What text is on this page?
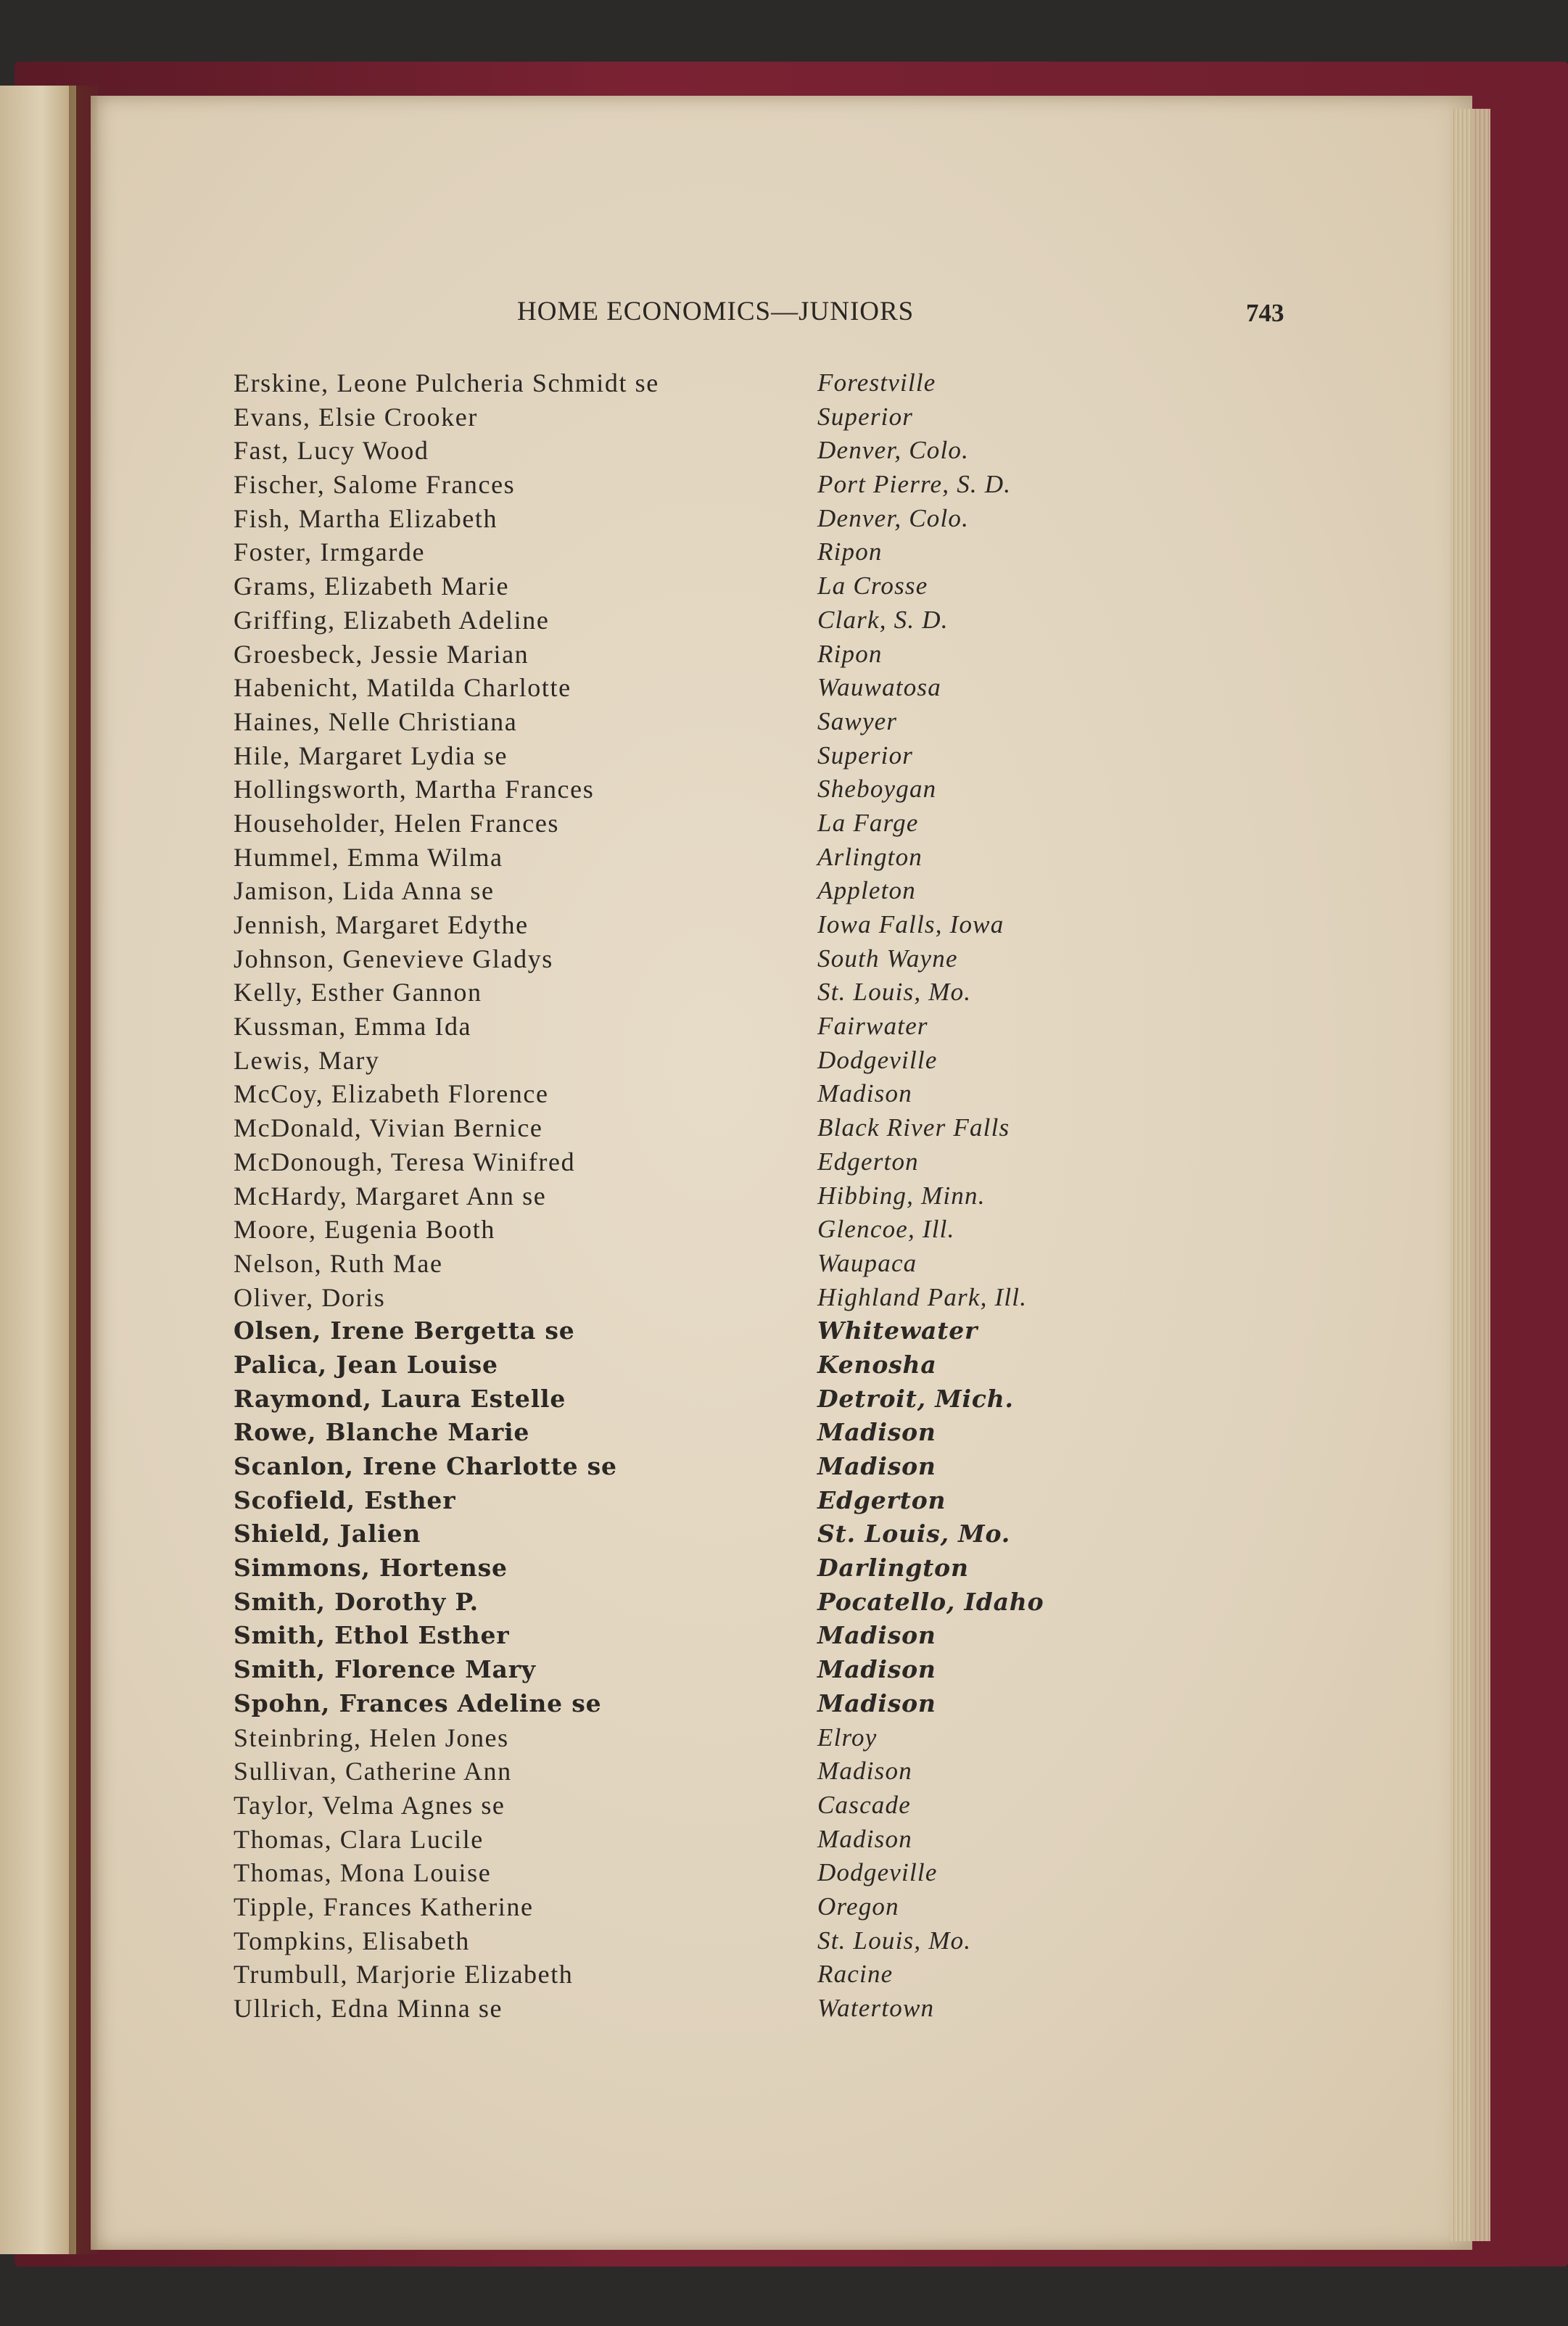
HOME ECONOMICS—JUNIORS	743
Erskine, Leone Pulcheria Schmidt se	Forestville
Evans, Elsie Crooker	Superior
Fast, Lucy Wood	Denver, Colo.
Fischer, Salome Frances	Port Pierre, S. D.
Fish, Martha Elizabeth	Denver, Colo.
Foster, Irmgarde	Ripon
Grams, Elizabeth Marie	La Crosse
Griffing, Elizabeth Adeline	Clark, S. D.
Groesbeck, Jessie Marian	Ripon
Habenicht, Matilda Charlotte	Wauwatosa
Haines, Nelle Christiana	Sawyer
Hile, Margaret Lydia se	Superior
Hollingsworth, Martha Frances	Sheboygan
Householder, Helen Frances	La Farge
Hummel, Emma Wilma	Arlington
Jamison, Lida Anna se	Appleton
Jennish, Margaret Edythe	Iowa Falls, Iowa
Johnson, Genevieve Gladys	South Wayne
Kelly, Esther Gannon	St. Louis, Mo.
Kussman, Emma Ida	Fairwater
Lewis, Mary	Dodgeville
McCoy, Elizabeth Florence	Madison
McDonald, Vivian Bernice	Black River Falls
McDonough, Teresa Winifred	Edgerton
McHardy, Margaret Ann se	Hibbing, Minn.
Moore, Eugenia Booth	Glencoe, Ill.
Nelson, Ruth Mae	Waupaca
Oliver, Doris	Highland Park, Ill.
Olsen, Irene Bergetta se	Whitewater
Palica, Jean Louise	Kenosha
Raymond, Laura Estelle	Detroit, Mich.
Rowe, Blanche Marie	Madison
Scanlon, Irene Charlotte se	Madison
Scofield, Esther	Edgerton
Shield, Jalien	St. Louis, Mo.
Simmons, Hortense	Darlington
Smith, Dorothy P.	Pocatello, Idaho
Smith, Ethol Esther	Madison
Smith, Florence Mary	Madison
Spohn, Frances Adeline se	Madison
Steinbring, Helen Jones	Elroy
Sullivan, Catherine Ann	Madison
Taylor, Velma Agnes se	Cascade
Thomas, Clara Lucile	Madison
Thomas, Mona Louise	Dodgeville
Tipple, Frances Katherine	Oregon
Tompkins, Elisabeth	St. Louis, Mo.
Trumbull, Marjorie Elizabeth	Racine
Ullrich, Edna Minna se	Watertown
